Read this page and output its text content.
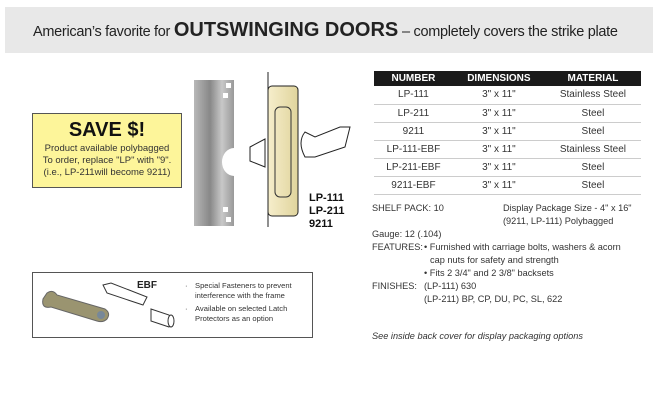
American’s favorite for OUTSWINGING DOORS – completely covers the strike plate
SAVE $!
Product available polybagged
To order, replace "LP" with "9".
(i.e., LP-211will become 9211)
LP-111
LP-211
9211
NUMBER	DIMENSIONS	MATERIAL
LP-111	3" x 11"	Stainless Steel
LP-211	3" x 11"	Steel
9211	3" x 11"	Steel
LP-111-EBF	3" x 11"	Stainless Steel
LP-211-EBF	3" x 11"	Steel
9211-EBF	3" x 11"	Steel
SHELF PACK: 10	Display Package Size - 4" x 16"
(9211, LP-111) Polybagged
Gauge: 12 (.104)
FEATURES: • Furnished with carriage bolts, washers & acorn
cap nuts for safety and strength
• Fits 2 3/4" and 2 3/8" backsets
FINISHES: (LP-111) 630
(LP-211) BP, CP, DU, PC, SL, 622
See inside back cover for display packaging options
EBF	· Special Fasteners to prevent interference with the frame
· Available on selected Latch Protectors as an option
